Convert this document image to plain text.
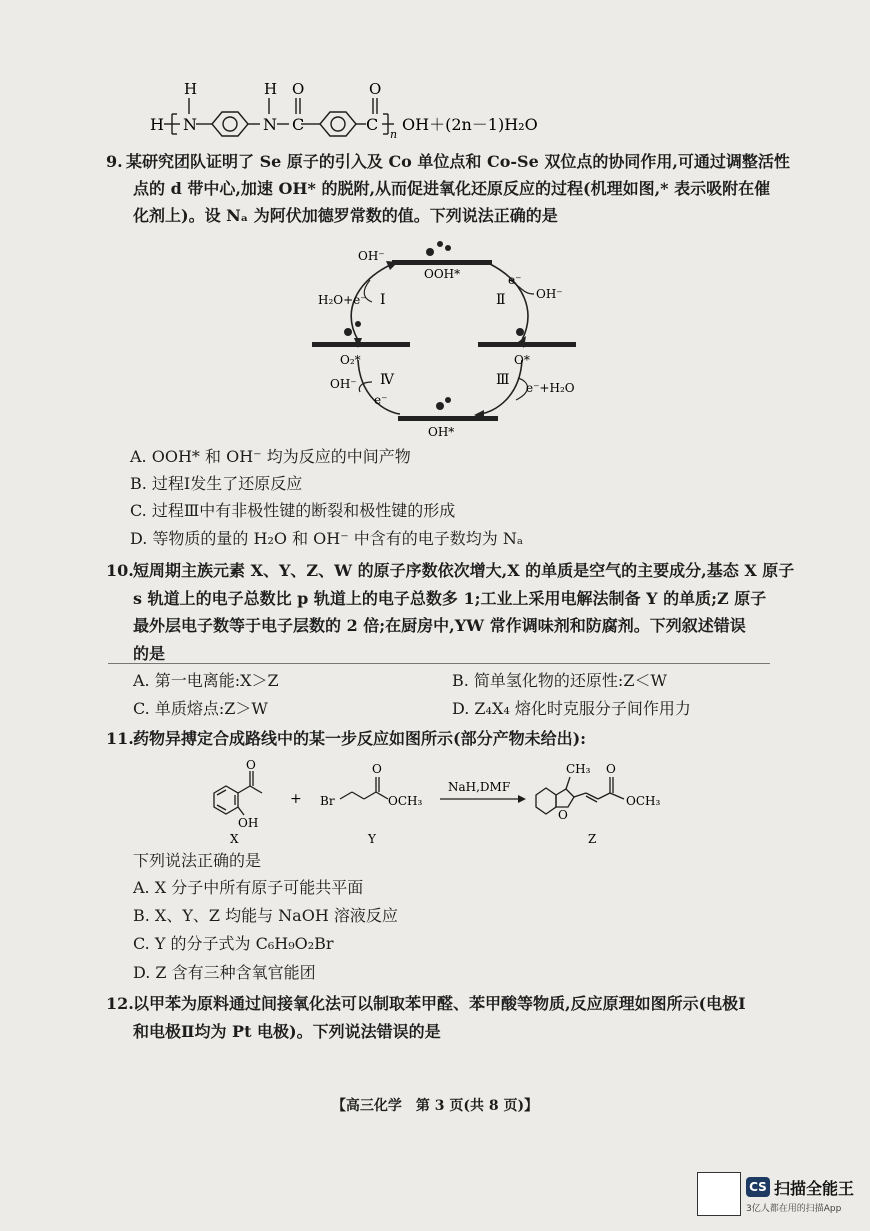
H
H
N
H
N
O
C
O
C
n
OH＋(2n－1)H₂O
9. 某研究团队证明了 Se 原子的引入及 Co 单位点和 Co-Se 双位点的协同作用,可通过调整活性
点的 d 带中心,加速 OH* 的脱附,从而促进氧化还原反应的过程(机理如图,* 表示吸附在催
化剂上)。设 Nₐ 为阿伏加德罗常数的值。下列说法正确的是
OH⁻
OOH*
H₂O+e⁻ Ⅰ	Ⅱ
e⁻
OH⁻
O₂*	O*
OH⁻ Ⅳ	Ⅲ e⁻+H₂O
e⁻
OH*
A. OOH* 和 OH⁻ 均为反应的中间产物
B. 过程Ⅰ发生了还原反应
C. 过程Ⅲ中有非极性键的断裂和极性键的形成
D. 等物质的量的 H₂O 和 OH⁻ 中含有的电子数均为 Nₐ
10. 短周期主族元素 X、Y、Z、W 的原子序数依次增大,X 的单质是空气的主要成分,基态 X 原子
s 轨道上的电子总数比 p 轨道上的电子总数多 1;工业上采用电解法制备 Y 的单质;Z 原子
最外层电子数等于电子层数的 2 倍;在厨房中,YW 常作调味剂和防腐剂。下列叙述错误
的是
A. 第一电离能:X＞Z	B. 简单氢化物的还原性:Z＜W
C. 单质熔点:Z＞W	D. Z₄X₄ 熔化时克服分子间作用力
11. 药物异搏定合成路线中的某一步反应如图所示(部分产物未给出):
O
OH
X
+ Br
O
OCH₃
Y
NaH,DMF
CH₃
O
O
OCH₃
Z
下列说法正确的是
A. X 分子中所有原子可能共平面
B. X、Y、Z 均能与 NaOH 溶液反应
C. Y 的分子式为 C₆H₉O₂Br
D. Z 含有三种含氧官能团
12. 以甲苯为原料通过间接氧化法可以制取苯甲醛、苯甲酸等物质,反应原理如图所示(电极Ⅰ
和电极Ⅱ均为 Pt 电极)。下列说法错误的是
【高三化学　第 3 页(共 8 页)】
CS 扫描全能王
3亿人都在用的扫描App
